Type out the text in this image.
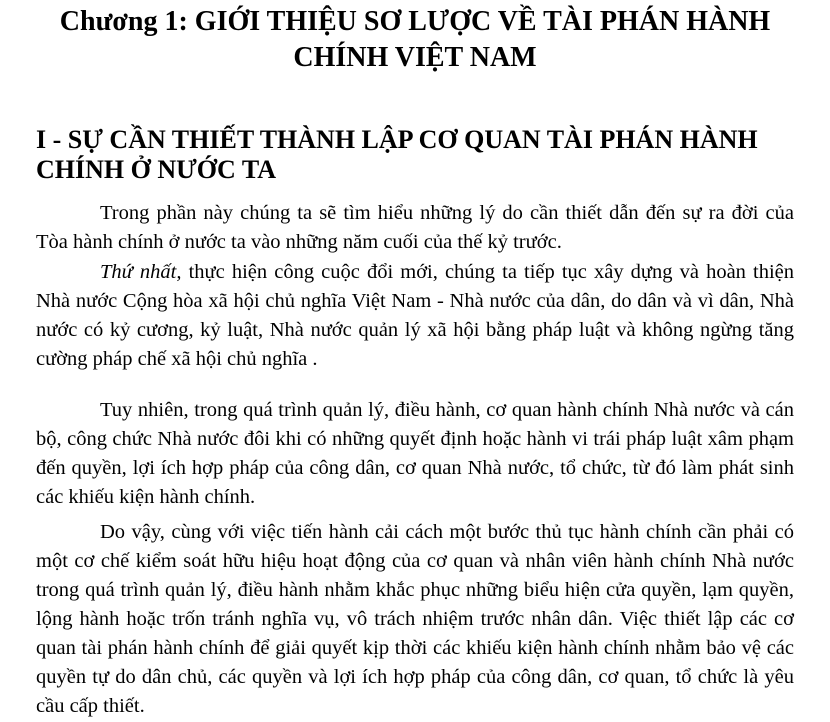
Chương 1: GIỚI THIỆU SƠ LƯỢC VỀ TÀI PHÁN HÀNH
CHÍNH VIỆT NAM
I - SỰ CẦN THIẾT THÀNH LẬP CƠ QUAN TÀI PHÁN HÀNH
CHÍNH Ở NƯỚC TA

Trong phần này chúng ta sẽ tìm hiểu những lý do cần thiết dẫn đến sự ra đời của Tòa hành chính ở nước ta vào những năm cuối của thế kỷ trước.

Thứ nhất, thực hiện công cuộc đổi mới, chúng ta tiếp tục xây dựng và hoàn thiện Nhà nước Cộng hòa xã hội chủ nghĩa Việt Nam - Nhà nước của dân, do dân và vì dân, Nhà nước có kỷ cương, kỷ luật, Nhà nước quản lý xã hội bằng pháp luật và không ngừng tăng cường pháp chế xã hội chủ nghĩa .

Tuy nhiên, trong quá trình quản lý, điều hành, cơ quan hành chính Nhà nước và cán bộ, công chức Nhà nước đôi khi có những quyết định hoặc hành vi trái pháp luật xâm phạm đến quyền, lợi ích hợp pháp của công dân, cơ quan Nhà nước, tổ chức, từ đó làm phát sinh các khiếu kiện hành chính.

Do vậy, cùng với việc tiến hành cải cách một bước thủ tục hành chính cần phải có một cơ chế kiểm soát hữu hiệu hoạt động của cơ quan và nhân viên hành chính Nhà nước trong quá trình quản lý, điều hành nhằm khắc phục những biểu hiện cửa quyền, lạm quyền, lộng hành hoặc trốn tránh nghĩa vụ, vô trách nhiệm trước nhân dân. Việc thiết lập các cơ quan tài phán hành chính để giải quyết kịp thời các khiếu kiện hành chính nhằm bảo vệ các quyền tự do dân chủ, các quyền và lợi ích hợp pháp của công dân, cơ quan, tổ chức là yêu cầu cấp thiết.
